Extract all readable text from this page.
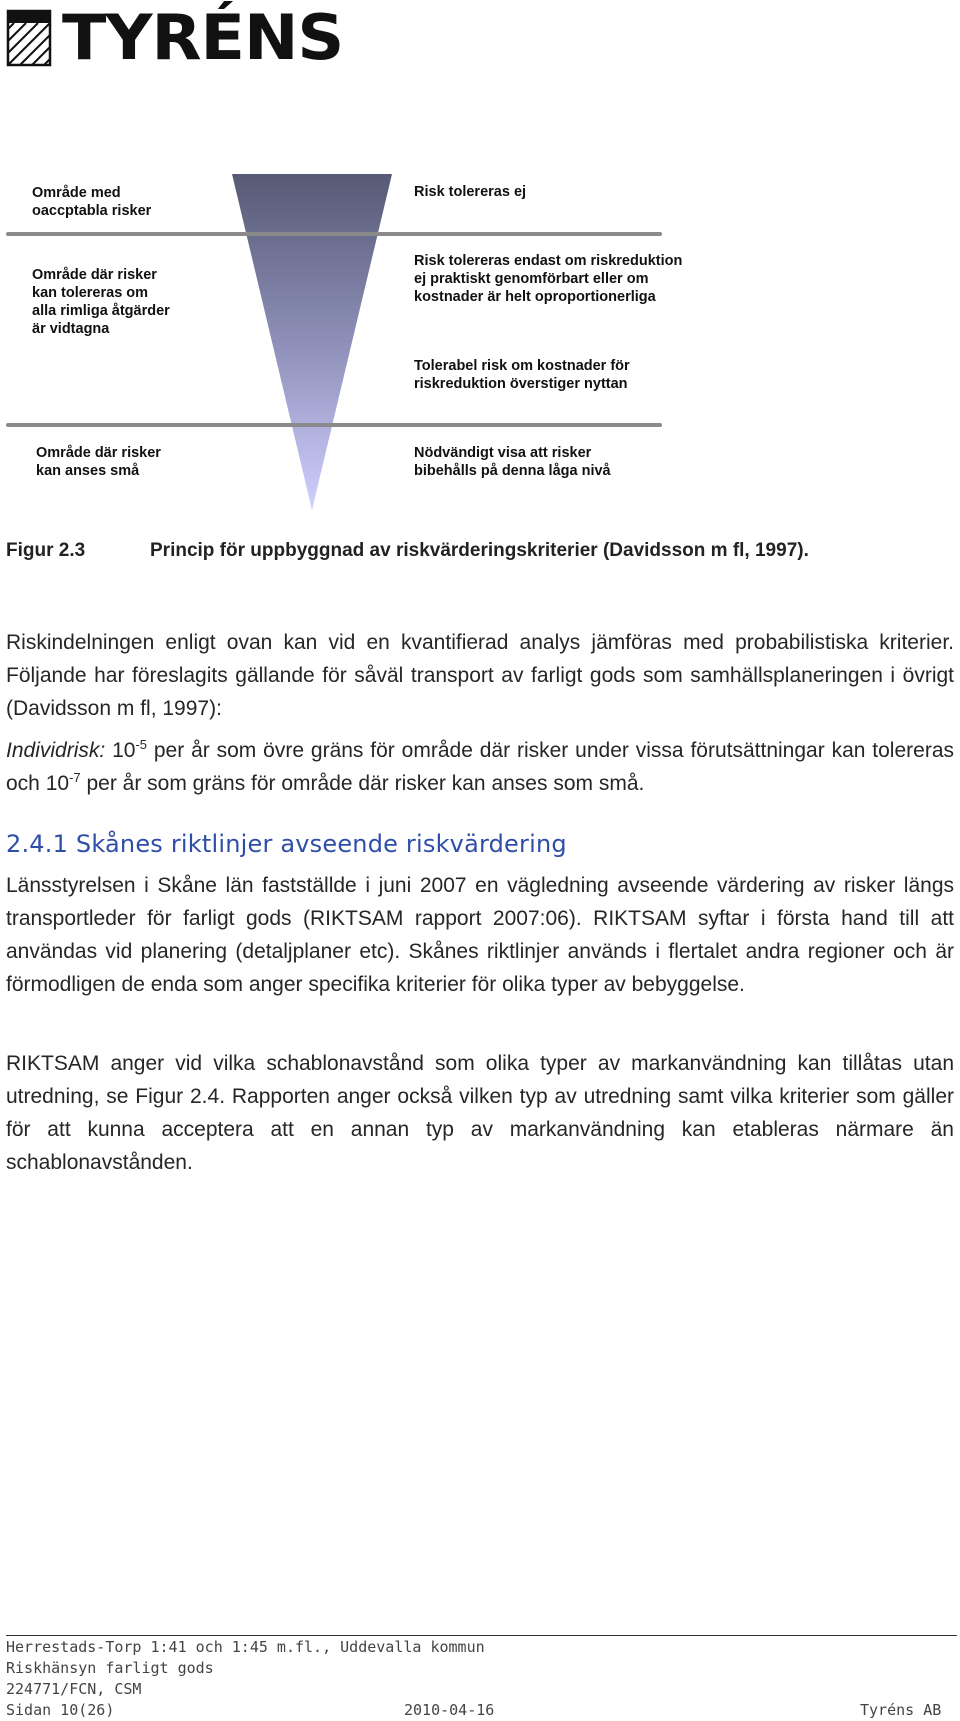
TYRÉNS
Område med
oaccptabla risker
Område där risker
kan tolereras om
alla rimliga åtgärder
är vidtagna
Område där risker
kan anses små
Risk tolereras ej
Risk tolereras endast om riskreduktion
ej praktiskt genomförbart eller om
kostnader är helt oproportionerliga
Tolerabel risk om kostnader för
riskreduktion överstiger nyttan
Nödvändigt visa att risker
bibehålls på denna låga nivå
Figur 2.3	Princip för uppbyggnad av riskvärderingskriterier (Davidsson m fl, 1997).

Riskindelningen enligt ovan kan vid en kvantifierad analys jämföras med probabilistiska kriterier. Följande har föreslagits gällande för såväl transport av farligt gods som samhällsplaneringen i övrigt (Davidsson m fl, 1997):

Individrisk: $10^{-5}$ per år som övre gräns för område där risker under vissa förutsättningar kan tolereras och $10^{-7}$ per år som gräns för område där risker kan anses som små.

2.4.1 Skånes riktlinjer avseende riskvärdering

Länsstyrelsen i Skåne län fastställde i juni 2007 en vägledning avseende värdering av risker längs transportleder för farligt gods (RIKTSAM rapport 2007:06). RIKTSAM syftar i första hand till att användas vid planering (detaljplaner etc). Skånes riktlinjer används i flertalet andra regioner och är förmodligen de enda som anger specifika kriterier för olika typer av bebyggelse.

RIKTSAM anger vid vilka schablonavstånd som olika typer av markanvändning kan tillåtas utan utredning, se Figur 2.4. Rapporten anger också vilken typ av utredning samt vilka kriterier som gäller för att kunna acceptera att en annan typ av markanvändning kan etableras närmare än schablonavstånden.

Herrestads-Torp 1:41 och 1:45 m.fl., Uddevalla kommun
Riskhänsyn farligt gods
224771/FCN, CSM
Sidan 10(26)	2010-04-16	Tyréns AB
